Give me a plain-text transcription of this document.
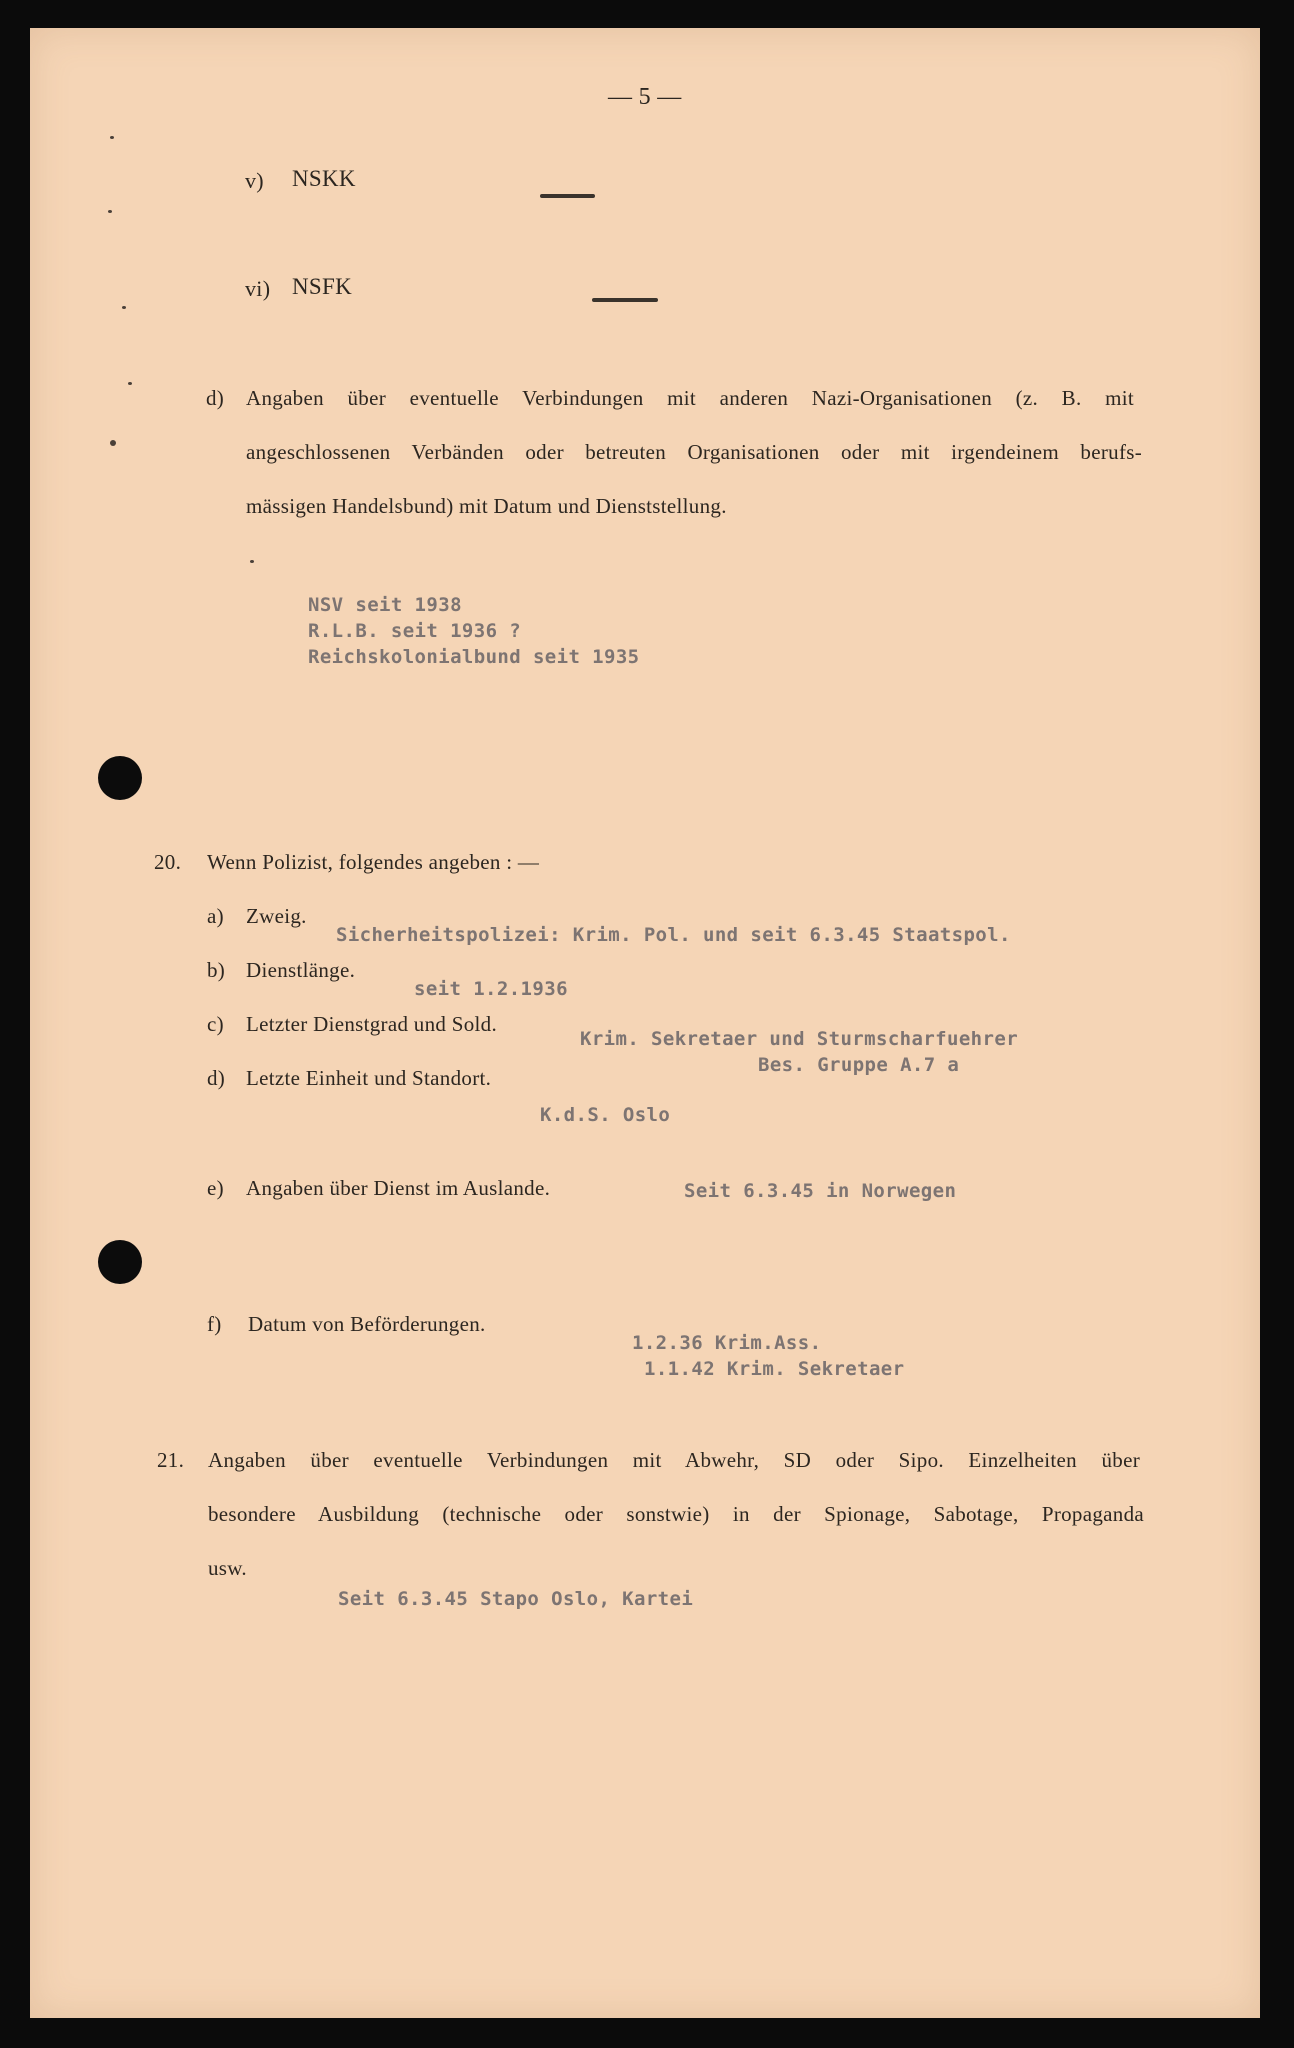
— 5 —
v) NSKK
vi) NSFK
d) Angaben über eventuelle Verbindungen mit anderen Nazi-Organisationen (z. B. mit
angeschlossenen Verbänden oder betreuten Organisationen oder mit irgendeinem berufs-
mässigen Handelsbund) mit Datum und Dienststellung.
NSV seit 1938
R.L.B. seit 1936 ?
Reichskolonialbund seit 1935
20. Wenn Polizist, folgendes angeben : —
a) Zweig.
Sicherheitspolizei: Krim. Pol. und seit 6.3.45 Staatspol.
b) Dienstlänge.
seit 1.2.1936
c) Letzter Dienstgrad und Sold.
Krim. Sekretaer und Sturmscharfuehrer
Bes. Gruppe A.7 a
d) Letzte Einheit und Standort.
K.d.S. Oslo
e) Angaben über Dienst im Auslande.	Seit 6.3.45 in Norwegen
f) Datum von Beförderungen.
1.2.36 Krim.Ass.
1.1.42 Krim. Sekretaer
21. Angaben über eventuelle Verbindungen mit Abwehr, SD oder Sipo. Einzelheiten über
besondere Ausbildung (technische oder sonstwie) in der Spionage, Sabotage, Propaganda
usw.
Seit 6.3.45 Stapo Oslo, Kartei
